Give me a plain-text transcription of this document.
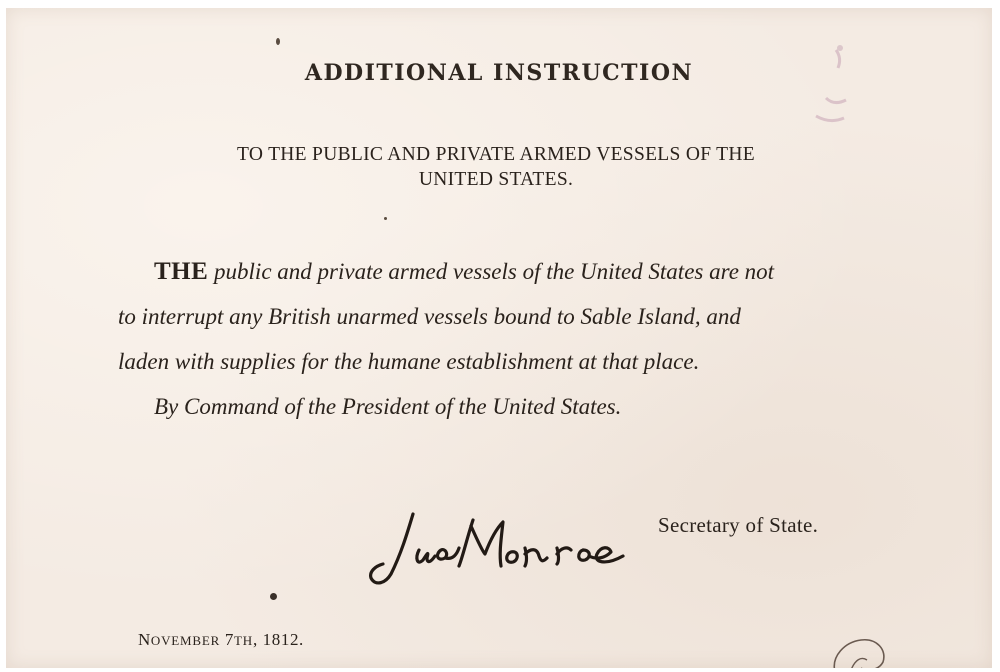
ADDITIONAL INSTRUCTION
TO THE PUBLIC AND PRIVATE ARMED VESSELS OF THE
UNITED STATES.
THE public and private armed vessels of the United States are not
to interrupt any British unarmed vessels bound to Sable Island, and
laden with supplies for the humane establishment at that place.
By Command of the President of the United States.
Secretary of State.
NOVEMBER 7TH, 1812.
